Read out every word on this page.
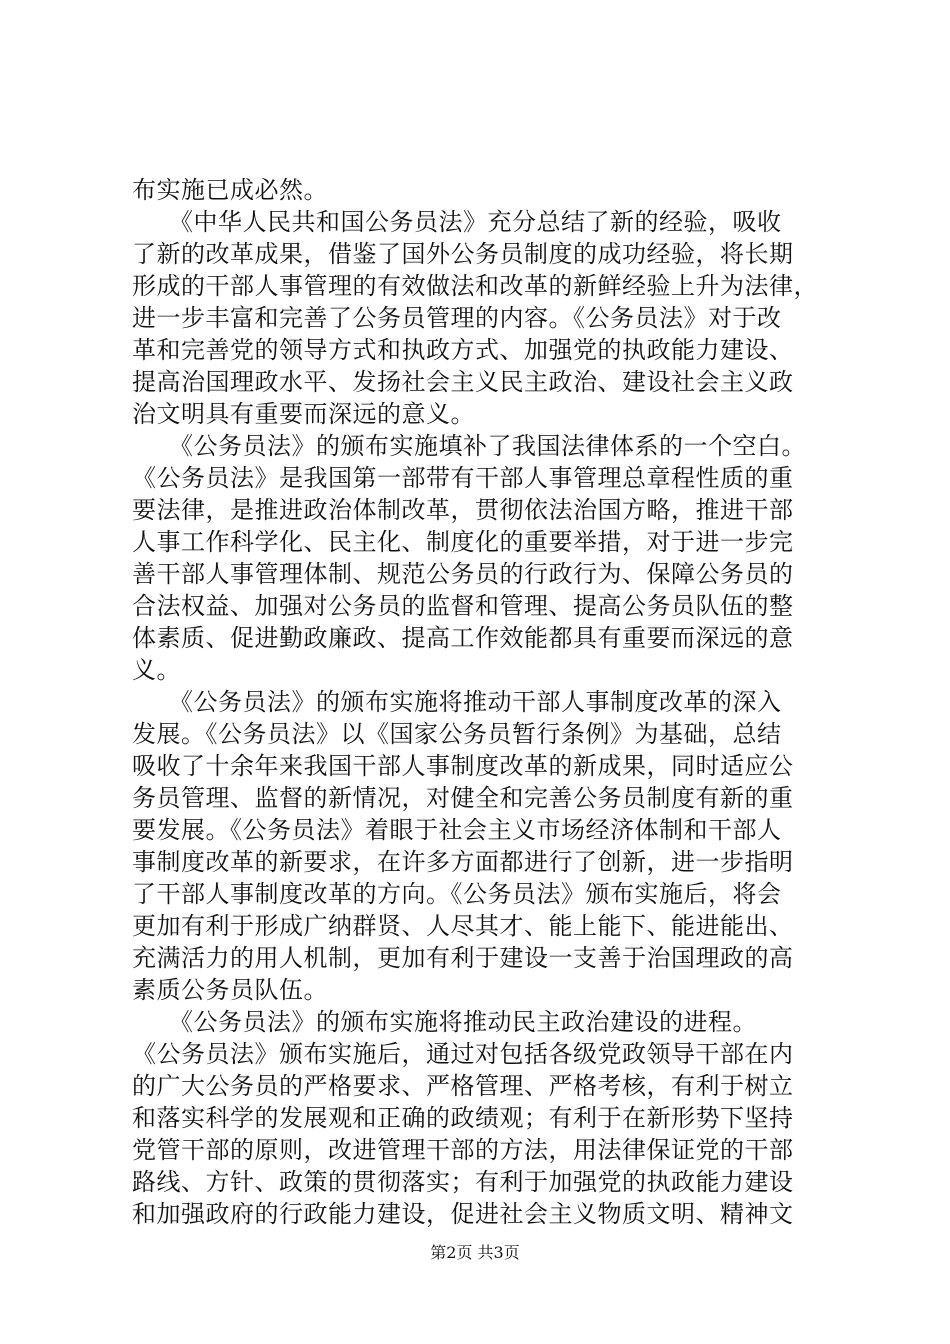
布实施已成必然。
　　《中华人民共和国公务员法》充分总结了新的经验，吸收
了新的改革成果，借鉴了国外公务员制度的成功经验，将长期
形成的干部人事管理的有效做法和改革的新鲜经验上升为法律，
进一步丰富和完善了公务员管理的内容。《公务员法》对于改
革和完善党的领导方式和执政方式、加强党的执政能力建设、
提高治国理政水平、发扬社会主义民主政治、建设社会主义政
治文明具有重要而深远的意义。
　　《公务员法》的颁布实施填补了我国法律体系的一个空白。
《公务员法》是我国第一部带有干部人事管理总章程性质的重
要法律，是推进政治体制改革，贯彻依法治国方略，推进干部
人事工作科学化、民主化、制度化的重要举措，对于进一步完
善干部人事管理体制、规范公务员的行政行为、保障公务员的
合法权益、加强对公务员的监督和管理、提高公务员队伍的整
体素质、促进勤政廉政、提高工作效能都具有重要而深远的意
义。
　　《公务员法》的颁布实施将推动干部人事制度改革的深入
发展。《公务员法》以《国家公务员暂行条例》为基础，总结
吸收了十余年来我国干部人事制度改革的新成果，同时适应公
务员管理、监督的新情况，对健全和完善公务员制度有新的重
要发展。《公务员法》着眼于社会主义市场经济体制和干部人
事制度改革的新要求，在许多方面都进行了创新，进一步指明
了干部人事制度改革的方向。《公务员法》颁布实施后，将会
更加有利于形成广纳群贤、人尽其才、能上能下、能进能出、
充满活力的用人机制，更加有利于建设一支善于治国理政的高
素质公务员队伍。
　　《公务员法》的颁布实施将推动民主政治建设的进程。
《公务员法》颁布实施后，通过对包括各级党政领导干部在内
的广大公务员的严格要求、严格管理、严格考核，有利于树立
和落实科学的发展观和正确的政绩观；有利于在新形势下坚持
党管干部的原则，改进管理干部的方法，用法律保证党的干部
路线、方针、政策的贯彻落实；有利于加强党的执政能力建设
和加强政府的行政能力建设，促进社会主义物质文明、精神文
第2页 共3页
